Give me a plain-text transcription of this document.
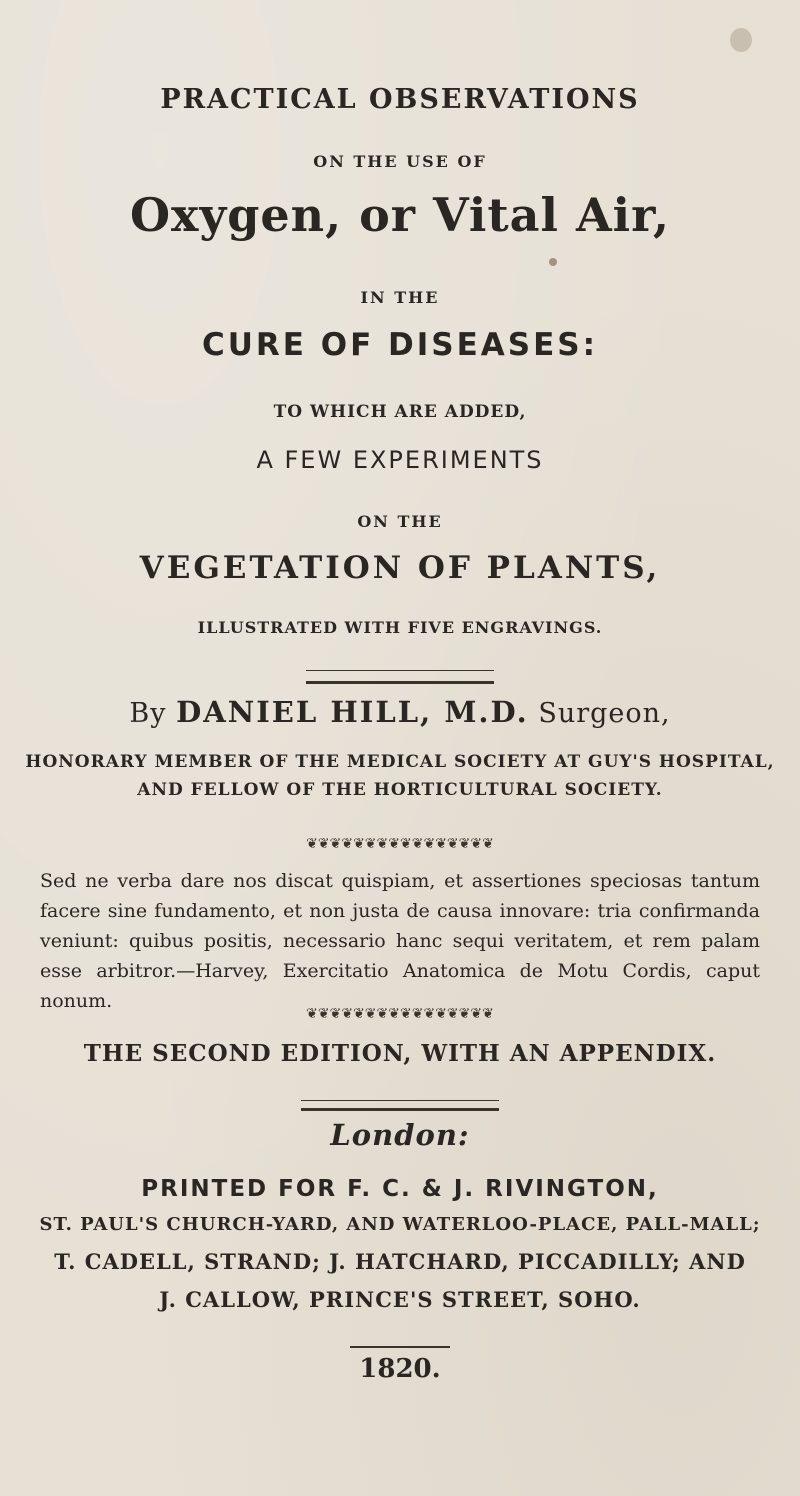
PRACTICAL OBSERVATIONS
ON THE USE OF
Oxygen, or Vital Air,
IN THE
CURE OF DISEASES:
TO WHICH ARE ADDED,
A FEW EXPERIMENTS
ON THE
VEGETATION OF PLANTS,
ILLUSTRATED WITH FIVE ENGRAVINGS.
By DANIEL HILL, M.D. Surgeon,
HONORARY MEMBER OF THE MEDICAL SOCIETY AT GUY'S HOSPITAL,
AND FELLOW OF THE HORTICULTURAL SOCIETY.
❦❦❦❦❦❦❦❦❦❦❦❦❦❦❦❦
Sed ne verba dare nos discat quispiam, et assertiones speciosas tantum facere sine fundamento, et non justa de causa innovare: tria confirmanda veniunt: quibus positis, necessario hanc sequi veritatem, et rem palam esse arbitror.—Harvey, Exercitatio Anatomica de Motu Cordis, caput nonum.
❦❦❦❦❦❦❦❦❦❦❦❦❦❦❦❦
THE SECOND EDITION, WITH AN APPENDIX.
London:
PRINTED FOR F. C. & J. RIVINGTON,
ST. PAUL'S CHURCH-YARD, AND WATERLOO-PLACE, PALL-MALL;
T. CADELL, STRAND; J. HATCHARD, PICCADILLY; AND
J. CALLOW, PRINCE'S STREET, SOHO.
1820.
